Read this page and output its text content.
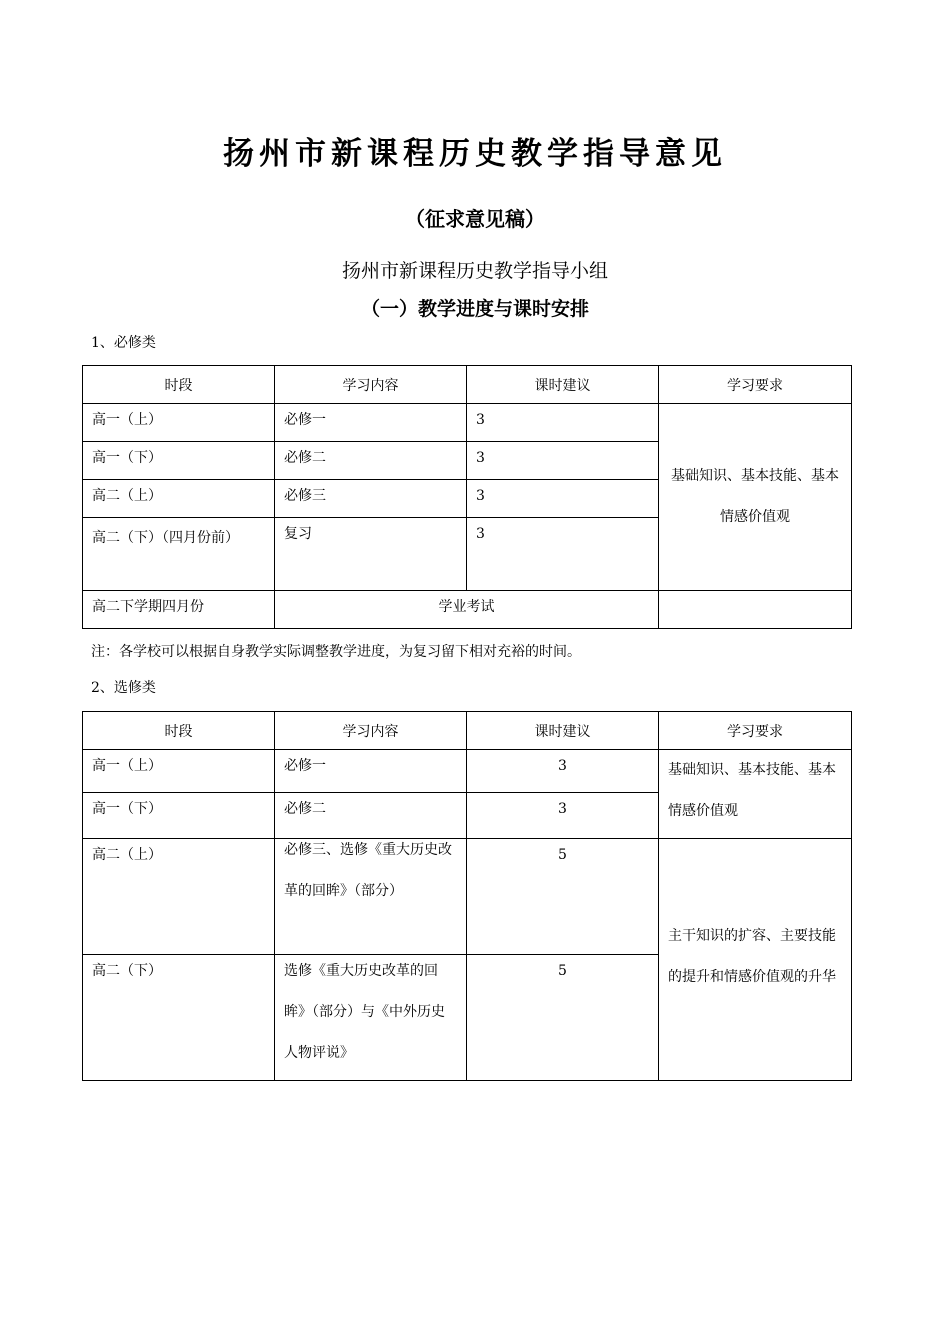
扬州市新课程历史教学指导意见
（征求意见稿）
扬州市新课程历史教学指导小组
（一）教学进度与课时安排
1、必修类
时段	学习内容	课时建议	学习要求
高一（上）	必修一	3	基础知识、基本技能、基本情感价值观
高一（下）	必修二	3	
高二（上）	必修三	3	
高二（下）（四月份前）	复习	3	
高二下学期四月份	学业考试		
注：各学校可以根据自身教学实际调整教学进度，为复习留下相对充裕的时间。
2、选修类
时段	学习内容	课时建议	学习要求
高一（上）	必修一	3	基础知识、基本技能、基本情感价值观
高一（下）	必修二	3	
高二（上）	必修三、选修《重大历史改革的回眸》（部分）	5	主干知识的扩容、主要技能的提升和情感价值观的升华
高二（下）	选修《重大历史改革的回眸》（部分）与《中外历史人物评说》	5	
